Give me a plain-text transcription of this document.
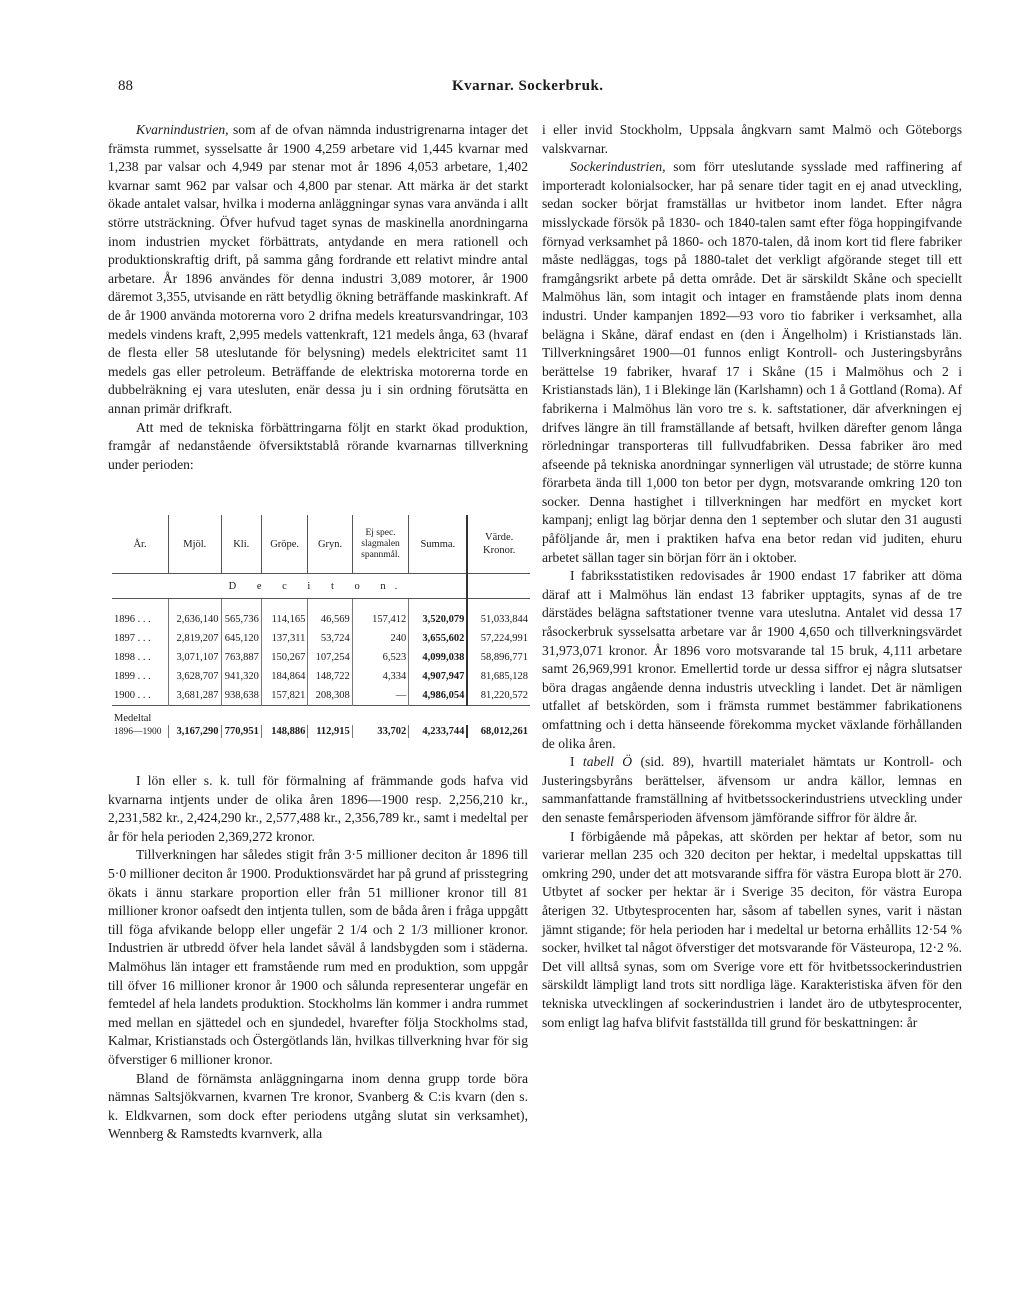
88	Kvarnar. Sockerbruk.

Kvarnindustrien, som af de ofvan nämnda industrigrenarna intager det främsta rummet, sysselsatte år 1900 4,259 arbetare vid 1,445 kvarnar med 1,238 par valsar och 4,949 par stenar mot år 1896 4,053 arbetare, 1,402 kvarnar samt 962 par valsar och 4,800 par stenar. Att märka är det starkt ökade antalet valsar, hvilka i moderna anläggningar synas vara använda i allt större utsträckning. Öfver hufvud taget synas de maskinella anordningarna inom industrien mycket förbättrats, antydande en mera rationell och produktionskraftig drift, på samma gång fordrande ett relativt mindre antal arbetare. År 1896 användes för denna industri 3,089 motorer, år 1900 däremot 3,355, utvisande en rätt betydlig ökning beträffande maskinkraft. Af de år 1900 använda motorerna voro 2 drifna medels kreatursvandringar, 103 medels vindens kraft, 2,995 medels vattenkraft, 121 medels ånga, 63 (hvaraf de flesta eller 58 uteslutande för belysning) medels elektricitet samt 11 medels gas eller petroleum. Beträffande de elektriska motorerna torde en dubbelräkning ej vara utesluten, enär dessa ju i sin ordning förutsätta en annan primär drifkraft.

Att med de tekniska förbättringarna följt en starkt ökad produktion, framgår af nedanstående öfversiktstablå rörande kvarnarnas tillverkning under perioden:

År.	Mjöl.	Kli.	Gröpe.	Gryn.	Ej spec. slagmalen spannmål.	Summa.	Värde. Kronor.
	D e c i t o n.						
1896 . . .	2,636,140	565,736	114,165	46,569	157,412	3,520,079	51,033,844
1897 . . .	2,819,207	645,120	137,311	53,724	240	3,655,602	57,224,991
1898 . . .	3,071,107	763,887	150,267	107,254	6,523	4,099,038	58,896,771
1899 . . .	3,628,707	941,320	184,864	148,722	4,334	4,907,947	81,685,128
1900 . . .	3,681,287	938,638	157,821	208,308	—	4,986,054	81,220,572
Medeltal							
1896—1900	3,167,290	770,951	148,886	112,915	33,702	4,233,744	68,012,261

I lön eller s. k. tull för förmalning af främmande gods hafva vid kvarnarna intjents under de olika åren 1896—1900 resp. 2,256,210 kr., 2,231,582 kr., 2,424,290 kr., 2,577,488 kr., 2,356,789 kr., samt i medeltal per år för hela perioden 2,369,272 kronor.

Tillverkningen har således stigit från 3·5 millioner deciton år 1896 till 5·0 millioner deciton år 1900. Produktionsvärdet har på grund af prisstegring ökats i ännu starkare proportion eller från 51 millioner kronor till 81 millioner kronor oafsedt den intjenta tullen, som de båda åren i fråga uppgått till föga afvikande belopp eller ungefär 2 1/4 och 2 1/3 millioner kronor. Industrien är utbredd öfver hela landet såväl å landsbygden som i städerna. Malmöhus län intager ett framstående rum med en produktion, som uppgår till öfver 16 millioner kronor år 1900 och sålunda representerar ungefär en femtedel af hela landets produktion. Stockholms län kommer i andra rummet med mellan en sjättedel och en sjundedel, hvarefter följa Stockholms stad, Kalmar, Kristianstads och Östergötlands län, hvilkas tillverkning hvar för sig öfverstiger 6 millioner kronor.

Bland de förnämsta anläggningarna inom denna grupp torde böra nämnas Saltsjökvarnen, kvarnen Tre kronor, Svanberg & C:is kvarn (den s. k. Eldkvarnen, som dock efter periodens utgång slutat sin verksamhet), Wennberg & Ramstedts kvarnverk, alla

i eller invid Stockholm, Uppsala ångkvarn samt Malmö och Göteborgs valskvarnar.

Sockerindustrien, som förr uteslutande sysslade med raffinering af importeradt kolonialsocker, har på senare tider tagit en ej anad utveckling, sedan socker börjat framställas ur hvitbetor inom landet. Efter några misslyckade försök på 1830- och 1840-talen samt efter föga hoppingifvande förnyad verksamhet på 1860- och 1870-talen, då inom kort tid flere fabriker måste nedläggas, togs på 1880-talet det verkligt afgörande steget till ett framgångsrikt arbete på detta område. Det är särskildt Skåne och speciellt Malmöhus län, som intagit och intager en framstående plats inom denna industri. Under kampanjen 1892—93 voro tio fabriker i verksamhet, alla belägna i Skåne, däraf endast en (den i Ängelholm) i Kristianstads län. Tillverkningsåret 1900—01 funnos enligt Kontroll- och Justeringsbyråns berättelse 19 fabriker, hvaraf 17 i Skåne (15 i Malmöhus och 2 i Kristianstads län), 1 i Blekinge län (Karlshamn) och 1 å Gottland (Roma). Af fabrikerna i Malmöhus län voro tre s. k. saftstationer, där afverkningen ej drifves längre än till framställande af betsaft, hvilken därefter genom långa rörledningar transporteras till fullvudfabriken. Dessa fabriker äro med afseende på tekniska anordningar synnerligen väl utrustade; de större kunna förarbeta ända till 1,000 ton betor per dygn, motsvarande omkring 120 ton socker. Denna hastighet i tillverkningen har medfört en mycket kort kampanj; enligt lag börjar denna den 1 september och slutar den 31 augusti påföljande år, men i praktiken hafva ena betor redan vid juditen, ehuru arbetet sällan tager sin början förr än i oktober.

I fabriksstatistiken redovisades år 1900 endast 17 fabriker att döma däraf att i Malmöhus län endast 13 fabriker upptagits, synas af de tre därstädes belägna saftstationer tvenne vara uteslutna. Antalet vid dessa 17 råsockerbruk sysselsatta arbetare var år 1900 4,650 och tillverkningsvärdet 31,973,071 kronor. År 1896 voro motsvarande tal 15 bruk, 4,111 arbetare samt 26,969,991 kronor. Emellertid torde ur dessa siffror ej några slutsatser böra dragas angående denna industris utveckling i landet. Det är nämligen utfallet af betskörden, som i främsta rummet bestämmer fabrikationens omfattning och i detta hänseende förekomma mycket växlande förhållanden de olika åren.

I tabell Ö (sid. 89), hvartill materialet hämtats ur Kontroll- och Justeringsbyråns berättelser, äfvensom ur andra källor, lemnas en sammanfattande framställning af hvitbetssockerindustriens utveckling under den senaste femårsperioden äfvensom jämförande siffror för äldre år.

I förbigående må påpekas, att skörden per hektar af betor, som nu varierar mellan 235 och 320 deciton per hektar, i medeltal uppskattas till omkring 290, under det att motsvarande siffra för västra Europa blott är 270. Utbytet af socker per hektar är i Sverige 35 deciton, för västra Europa återigen 32. Utbytesprocenten har, såsom af tabellen synes, varit i nästan jämnt stigande; för hela perioden har i medeltal ur betorna erhållits 12·54 % socker, hvilket tal något öfverstiger det motsvarande för Västeuropa, 12·2 %. Det vill alltså synas, som om Sverige vore ett för hvitbetssockerindustrien särskildt lämpligt land trots sitt nordliga läge. Karakteristiska äfven för den tekniska utvecklingen af sockerindustrien i landet äro de utbytesprocenter, som enligt lag hafva blifvit fastställda till grund för beskattningen: år
